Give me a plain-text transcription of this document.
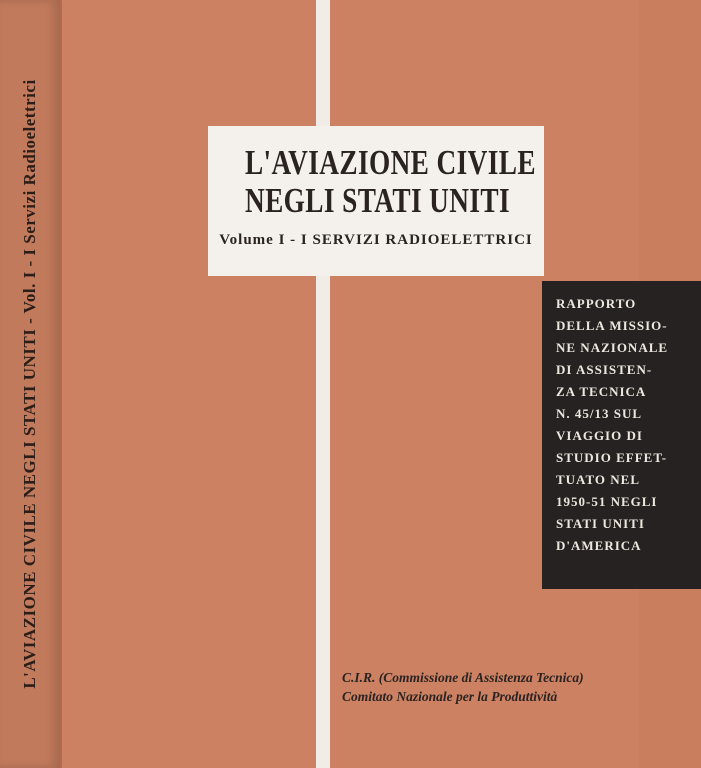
L'AVIAZIONE CIVILE NEGLI STATI UNITI - Vol. I - I Servizi Radioelettrici	L'AVIAZIONE CIVILE
NEGLI STATI UNITI
Volume I - I SERVIZI RADIOELETTRICI
RAPPORTO
DELLA MISSIO-
NE NAZIONALE
DI ASSISTEN-
ZA TECNICA
N. 45/13 SUL
VIAGGIO DI
STUDIO EFFET-
TUATO NEL
1950-51 NEGLI
STATI UNITI
D'AMERICA
C.I.R. (Commissione di Assistenza Tecnica)
Comitato Nazionale per la Produttività
